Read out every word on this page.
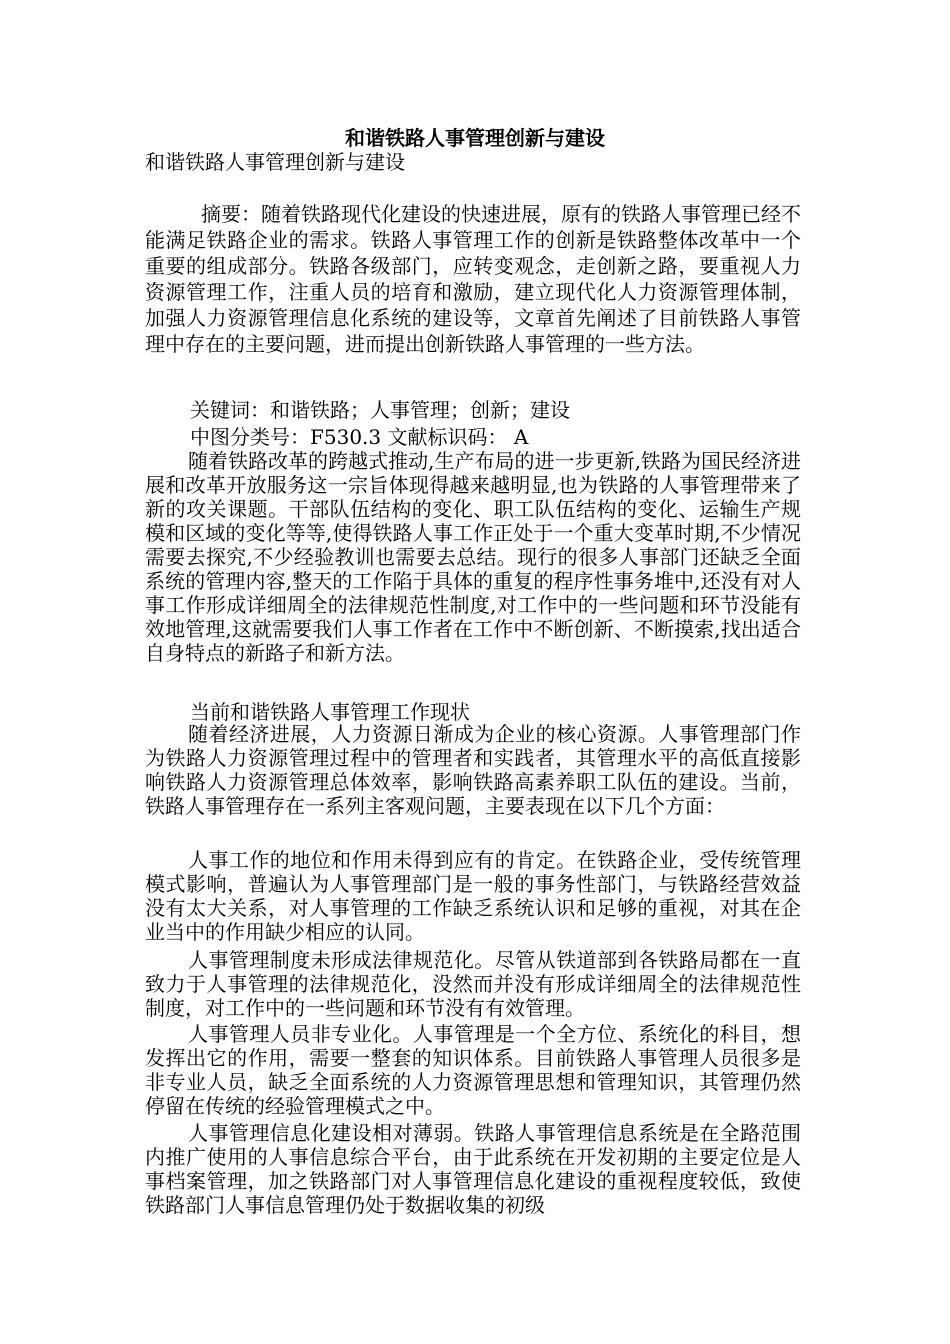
和谐铁路人事管理创新与建设
和谐铁路人事管理创新与建设
摘要：随着铁路现代化建设的快速进展，原有的铁路人事管理已经不能满足铁路企业的需求。铁路人事管理工作的创新是铁路整体改革中一个重要的组成部分。铁路各级部门，应转变观念，走创新之路，要重视人力资源管理工作，注重人员的培育和激励，建立现代化人力资源管理体制，加强人力资源管理信息化系统的建设等，文章首先阐述了目前铁路人事管理中存在的主要问题，进而提出创新铁路人事管理的一些方法。
关键词：和谐铁路；人事管理；创新；建设
中图分类号：F530.3 文献标识码： A
随着铁路改革的跨越式推动,生产布局的进一步更新,铁路为国民经济进展和改革开放服务这一宗旨体现得越来越明显,也为铁路的人事管理带来了新的攻关课题。干部队伍结构的变化、职工队伍结构的变化、运输生产规模和区域的变化等等,使得铁路人事工作正处于一个重大变革时期,不少情况需要去探究,不少经验教训也需要去总结。现行的很多人事部门还缺乏全面系统的管理内容,整天的工作陷于具体的重复的程序性事务堆中,还没有对人事工作形成详细周全的法律规范性制度,对工作中的一些问题和环节没能有效地管理,这就需要我们人事工作者在工作中不断创新、不断摸索,找出适合自身特点的新路子和新方法。
当前和谐铁路人事管理工作现状
随着经济进展，人力资源日渐成为企业的核心资源。人事管理部门作为铁路人力资源管理过程中的管理者和实践者，其管理水平的高低直接影响铁路人力资源管理总体效率，影响铁路高素养职工队伍的建设。当前，铁路人事管理存在一系列主客观问题，主要表现在以下几个方面：
人事工作的地位和作用未得到应有的肯定。在铁路企业，受传统管理模式影响，普遍认为人事管理部门是一般的事务性部门，与铁路经营效益没有太大关系，对人事管理的工作缺乏系统认识和足够的重视，对其在企业当中的作用缺少相应的认同。
人事管理制度未形成法律规范化。尽管从铁道部到各铁路局都在一直致力于人事管理的法律规范化，没然而并没有形成详细周全的法律规范性制度，对工作中的一些问题和环节没有有效管理。
人事管理人员非专业化。人事管理是一个全方位、系统化的科目，想发挥出它的作用，需要一整套的知识体系。目前铁路人事管理人员很多是非专业人员，缺乏全面系统的人力资源管理思想和管理知识，其管理仍然停留在传统的经验管理模式之中。
人事管理信息化建设相对薄弱。铁路人事管理信息系统是在全路范围内推广使用的人事信息综合平台，由于此系统在开发初期的主要定位是人事档案管理，加之铁路部门对人事管理信息化建设的重视程度较低，致使铁路部门人事信息管理仍处于数据收集的初级
